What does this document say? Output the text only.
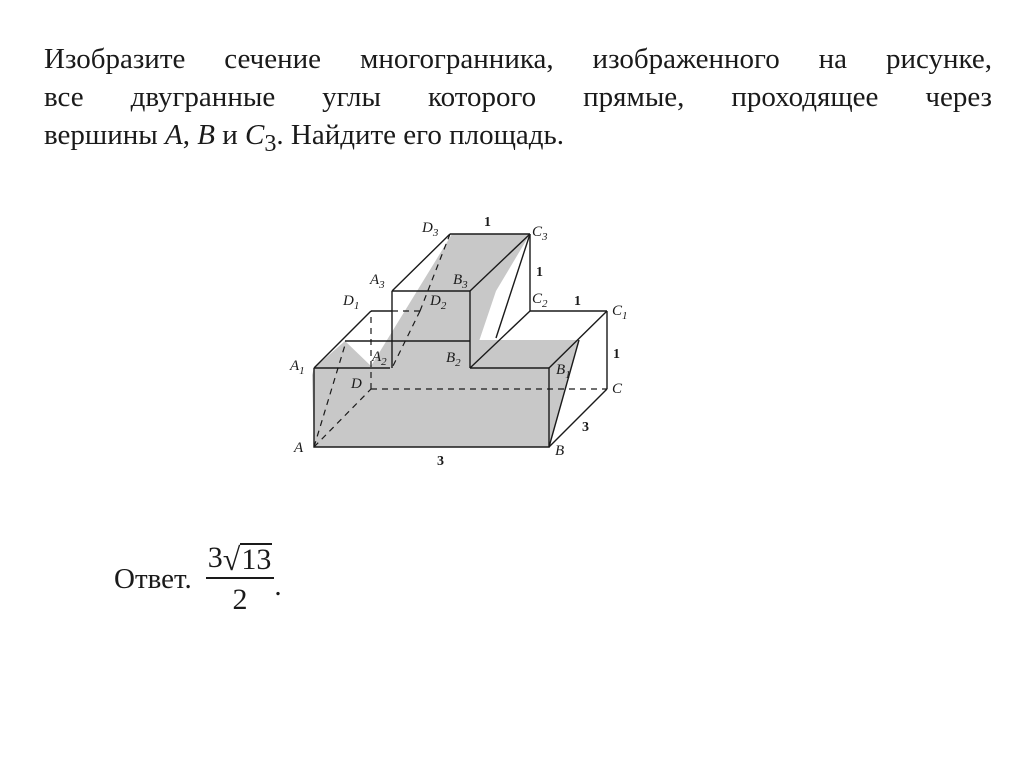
Изобразите сечение многогранника, изображенного на рисунке,
все двугранные углы которого прямые, проходящее через
вершины A, B и $C_3$. Найдите его площадь.
$D_3$	$C_3$
$A_3$	$B_3$
$D_1$	$D_2$	$C_2$	$C_1$
$A_2$
$A_1$
$B_2$	$B_1$
D	C
A	B
1
1
1
1
3
3
Ответ. $\frac{3 √ 13}{2}$ .
